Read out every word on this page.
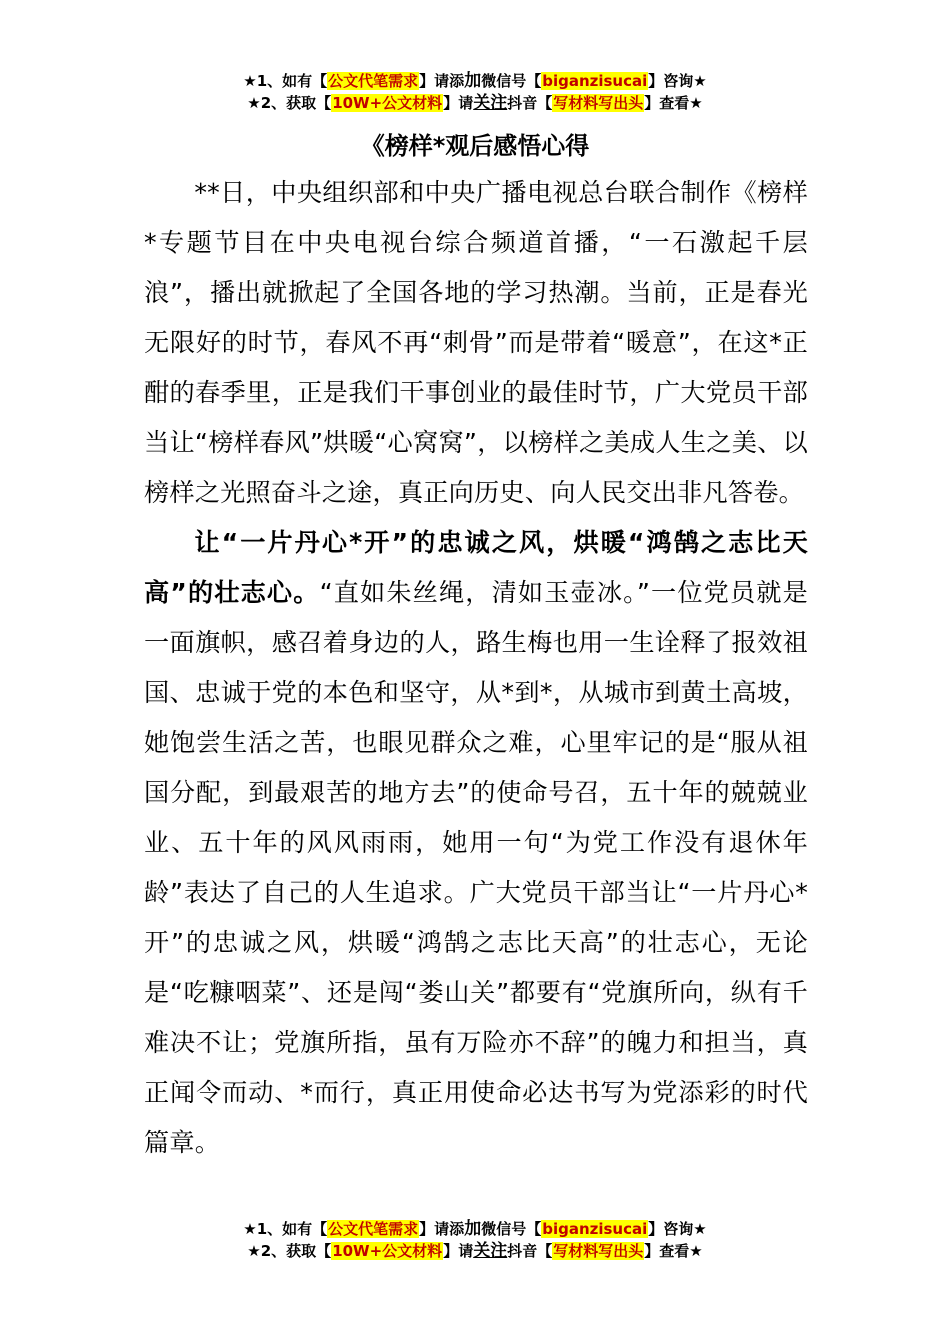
★1、如有【公文代笔需求】请添加微信号【biganzisucai】咨询★
★2、获取【10W+公文材料】请关注抖音【写材料写出头】查看★
《榜样*观后感悟心得

**日，中央组织部和中央广播电视总台联合制作《榜样*专题节目在中央电视台综合频道首播，“一石激起千层浪”，播出就掀起了全国各地的学习热潮。当前，正是春光无限好的时节，春风不再“刺骨”而是带着“暖意”，在这*正酣的春季里，正是我们干事创业的最佳时节，广大党员干部当让“榜样春风”烘暖“心窝窝”，以榜样之美成人生之美、以榜样之光照奋斗之途，真正向历史、向人民交出非凡答卷。

让“一片丹心*开”的忠诚之风，烘暖“鸿鹄之志比天高”的壮志心。“直如朱丝绳，清如玉壶冰。”一位党员就是一面旗帜，感召着身边的人，路生梅也用一生诠释了报效祖国、忠诚于党的本色和坚守，从*到*，从城市到黄土高坡，她饱尝生活之苦，也眼见群众之难，心里牢记的是“服从祖国分配，到最艰苦的地方去”的使命号召，五十年的兢兢业业、五十年的风风雨雨，她用一句“为党工作没有退休年龄”表达了自己的人生追求。广大党员干部当让“一片丹心*开”的忠诚之风，烘暖“鸿鹄之志比天高”的壮志心，无论是“吃糠咽菜”、还是闯“娄山关”都要有“党旗所向，纵有千难决不让；党旗所指，虽有万险亦不辞”的魄力和担当，真正闻令而动、*而行，真正用使命必达书写为党添彩的时代篇章。

★1、如有【公文代笔需求】请添加微信号【biganzisucai】咨询★
★2、获取【10W+公文材料】请关注抖音【写材料写出头】查看★
